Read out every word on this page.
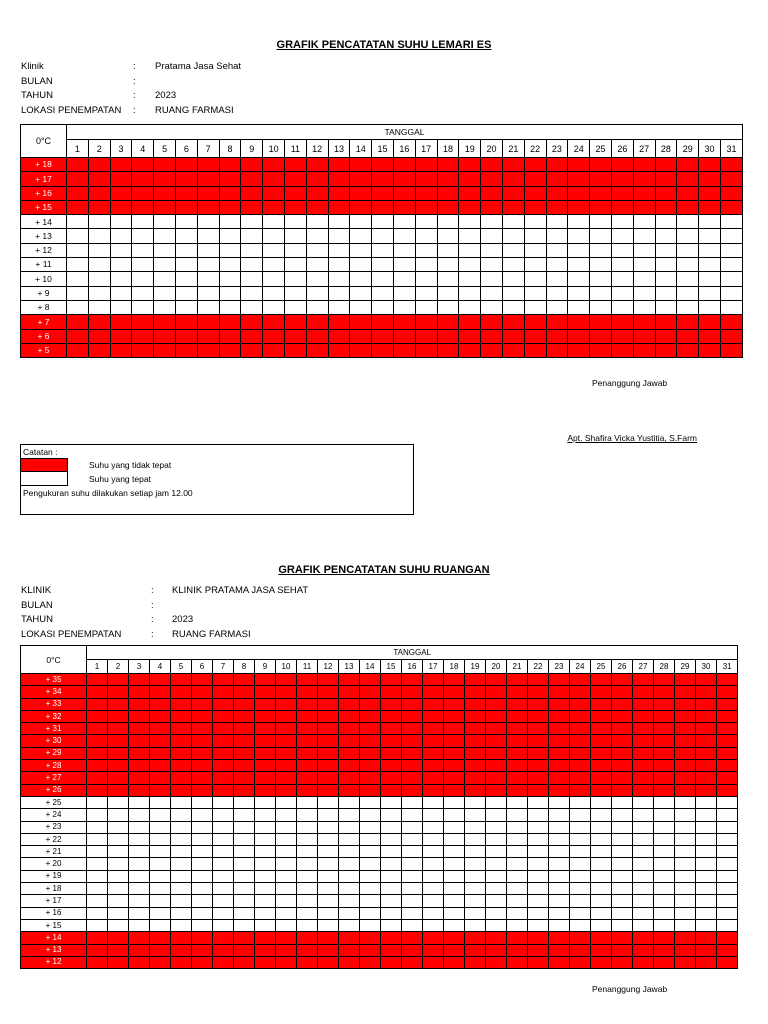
GRAFIK PENCATATAN SUHU LEMARI ES
Klinik	:	Pratama Jasa Sehat
BULAN	:
TAHUN	:	2023
LOKASI PENEMPATAN	:	RUANG FARMASI
0°C	TANGGAL																														
	1	2	3	4	5	6	7	8	9	10	11	12	13	14	15	16	17	18	19	20	21	22	23	24	25	26	27	28	29	30	31
+ 18																															
+ 17																															
+ 16																															
+ 15																															
+ 14																															
+ 13																															
+ 12																															
+ 11																															
+ 10																															
+ 9																															
+ 8																															
+ 7																															
+ 6																															
+ 5																															
Penanggung Jawab
Apt. Shafira Vicka Yustitia, S.Farm
Catatan :
Suhu yang tidak tepat
Suhu yang tepat
Pengukuran suhu dilakukan setiap jam 12.00
GRAFIK PENCATATAN SUHU RUANGAN
KLINIK	:	KLINIK PRATAMA JASA SEHAT
BULAN	:
TAHUN	:	2023
LOKASI PENEMPATAN	:	RUANG FARMASI
0°C	TANGGAL																														
	1	2	3	4	5	6	7	8	9	10	11	12	13	14	15	16	17	18	19	20	21	22	23	24	25	26	27	28	29	30	31
+ 35																															
+ 34																															
+ 33																															
+ 32																															
+ 31																															
+ 30																															
+ 29																															
+ 28																															
+ 27																															
+ 26																															
+ 25																															
+ 24																															
+ 23																															
+ 22																															
+ 21																															
+ 20																															
+ 19																															
+ 18																															
+ 17																															
+ 16																															
+ 15																															
+ 14																															
+ 13																															
+ 12																															
Penanggung Jawab
